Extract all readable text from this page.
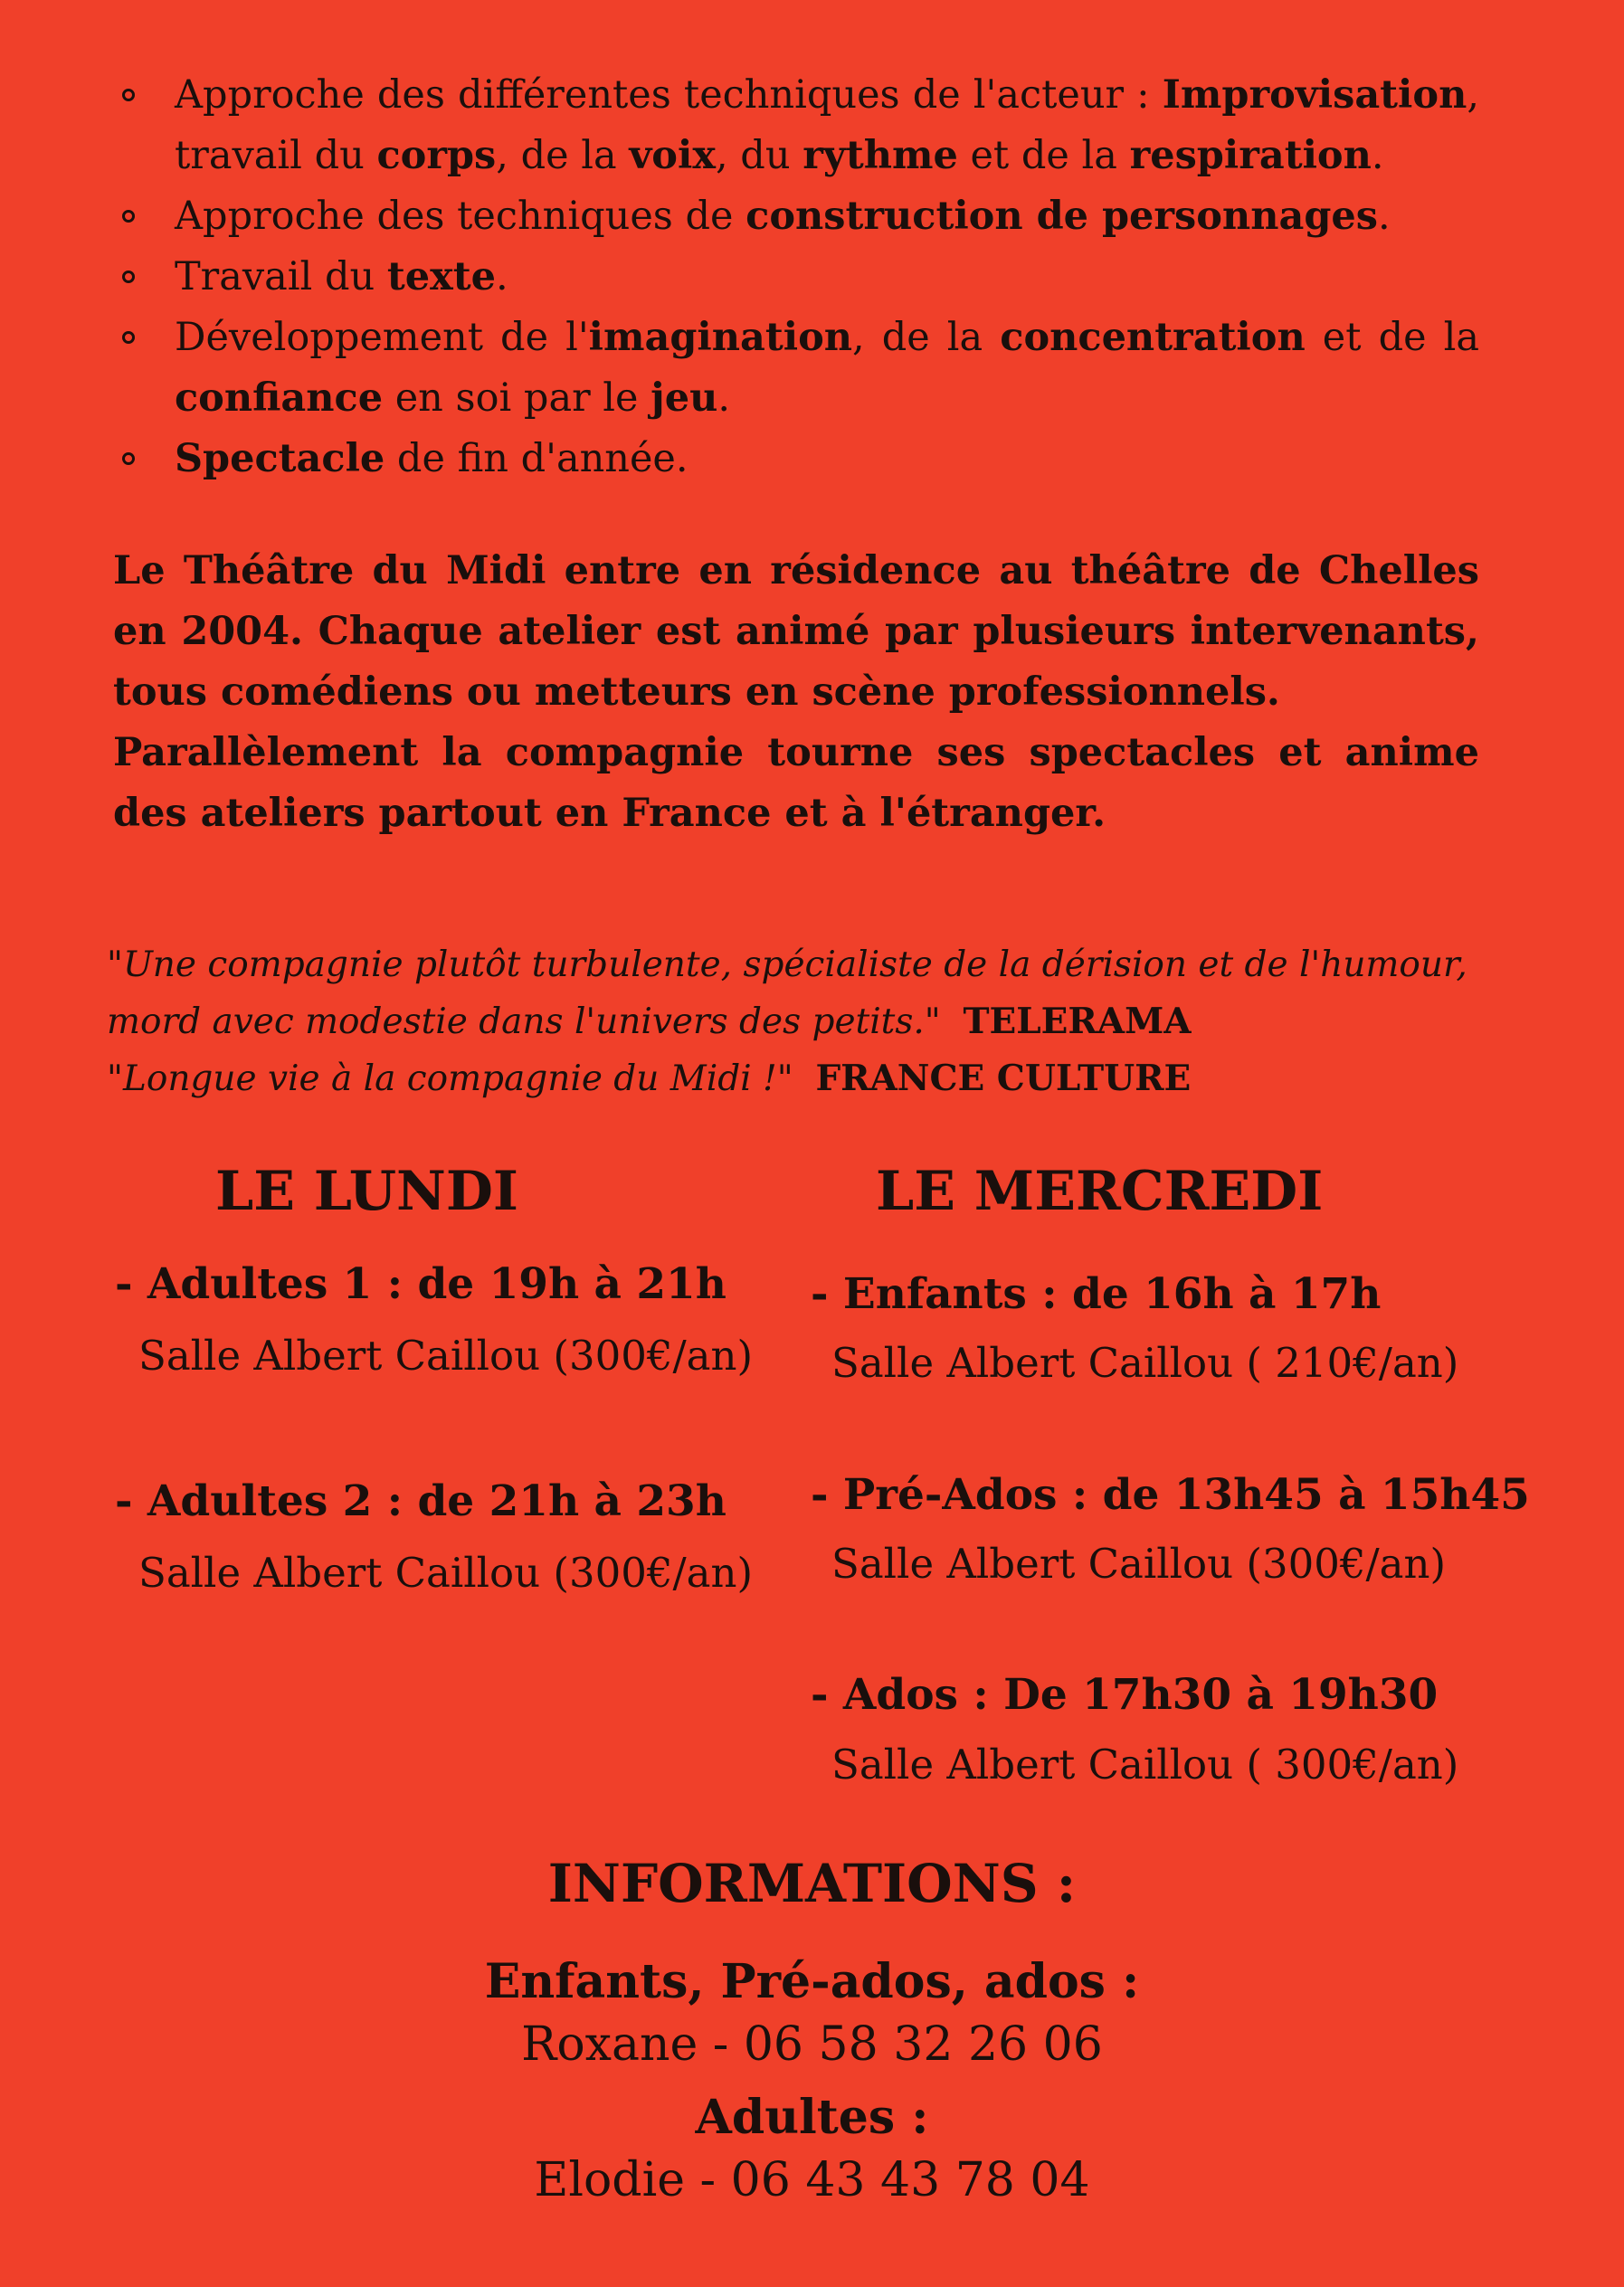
Approche des différentes techniques de l'acteur : Improvisation, travail du corps, de la voix, du rythme et de la respiration.
Approche des techniques de construction de personnages.
Travail du texte.
Développement de l'imagination, de la concentration et de la confiance en soi par le jeu.
Spectacle de fin d'année.

Le Théâtre du Midi entre en résidence au théâtre de Chelles en 2004. Chaque atelier est animé par plusieurs intervenants, tous comédiens ou metteurs en scène professionnels.

Parallèlement la compagnie tourne ses spectacles et anime des ateliers partout en France et à l'étranger.

"Une compagnie plutôt turbulente, spécialiste de la dérision et de l'humour, mord avec modestie dans l'univers des petits." TELERAMA

"Longue vie à la compagnie du Midi !" FRANCE CULTURE

LE LUNDI
- Adultes 1 : de 19h à 21h
Salle Albert Caillou (300€/an)
- Adultes 2 : de 21h à 23h
Salle Albert Caillou (300€/an)
LE MERCREDI
- Enfants : de 16h à 17h
Salle Albert Caillou ( 210€/an)
- Pré-Ados : de 13h45 à 15h45
Salle Albert Caillou (300€/an)
- Ados : De 17h30 à 19h30
Salle Albert Caillou ( 300€/an)
INFORMATIONS :
Enfants, Pré-ados, ados :
Roxane - 06 58 32 26 06
Adultes :
Elodie - 06 43 43 78 04
